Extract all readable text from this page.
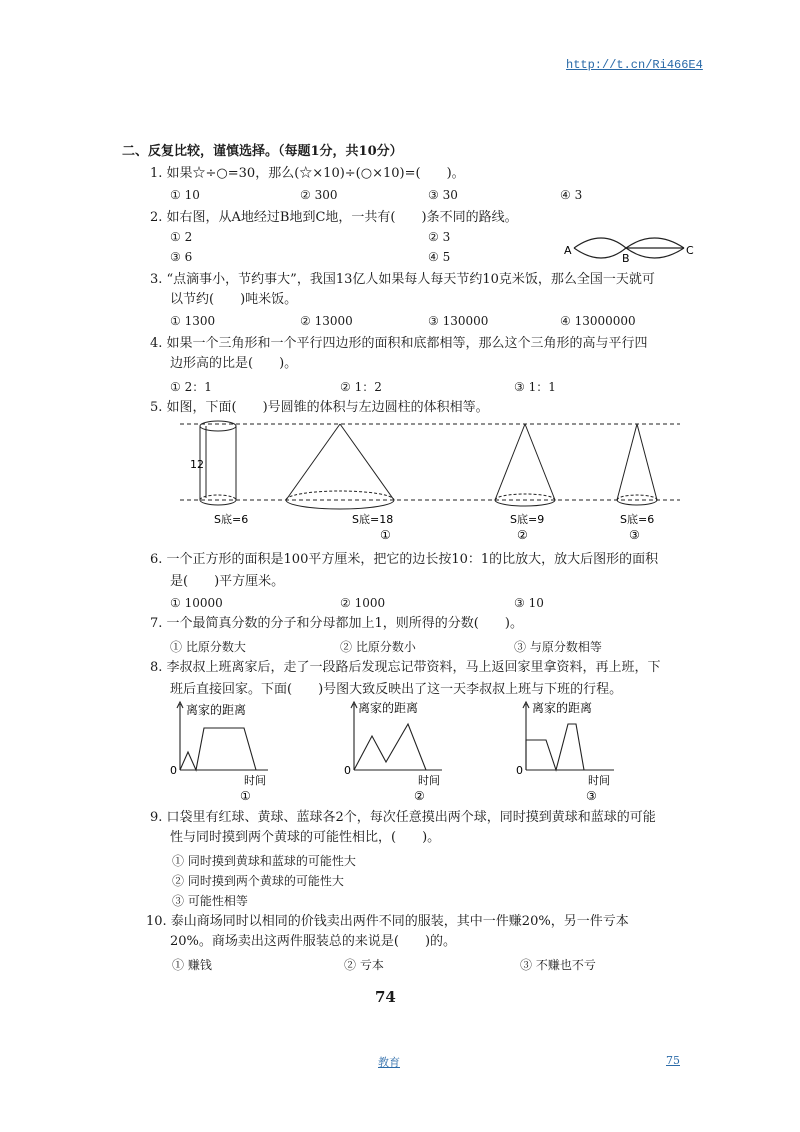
http://t.cn/Ri466E4
二、反复比较，谨慎选择。（每题1分，共10分）
1. 如果☆÷○=30，那么(☆×10)÷(○×10)=(　　)。
① 10	② 300	③ 30	④ 3
2. 如右图，从A地经过B地到C地，一共有(　　)条不同的路线。
① 2	② 3
③ 6	④ 5	A
B
C
3. “点滴事小，节约事大”，我国13亿人如果每人每天节约10克米饭，那么全国一天就可
以节约(　　)吨米饭。
① 1300	② 13000	③ 130000	④ 13000000
4. 如果一个三角形和一个平行四边形的面积和底都相等，那么这个三角形的高与平行四
边形高的比是(　　)。
① 2：1	② 1：2	③ 1：1
5. 如图，下面(　　)号圆锥的体积与左边圆柱的体积相等。
12
S底=6	S底=18	S底=9	S底=6
①	②	③
6. 一个正方形的面积是100平方厘米，把它的边长按10：1的比放大，放大后图形的面积
是(　　)平方厘米。
① 10000	② 1000	③ 10
7. 一个最简真分数的分子和分母都加上1，则所得的分数(　　)。
① 比原分数大	② 比原分数小	③ 与原分数相等
8. 李叔叔上班离家后，走了一段路后发现忘记带资料，马上返回家里拿资料，再上班，下
班后直接回家。下面(　　)号图大致反映出了这一天李叔叔上班与下班的行程。
离家的距离
0
时间
①
离家的距离
0
时间
②
离家的距离
0
时间
③
9. 口袋里有红球、黄球、蓝球各2个，每次任意摸出两个球，同时摸到黄球和蓝球的可能
性与同时摸到两个黄球的可能性相比，(　　)。
① 同时摸到黄球和蓝球的可能性大
② 同时摸到两个黄球的可能性大
③ 可能性相等
10. 泰山商场同时以相同的价钱卖出两件不同的服装，其中一件赚20%，另一件亏本
20%。商场卖出这两件服装总的来说是(　　)的。
① 赚钱	② 亏本	③ 不赚也不亏
74
教育	75
